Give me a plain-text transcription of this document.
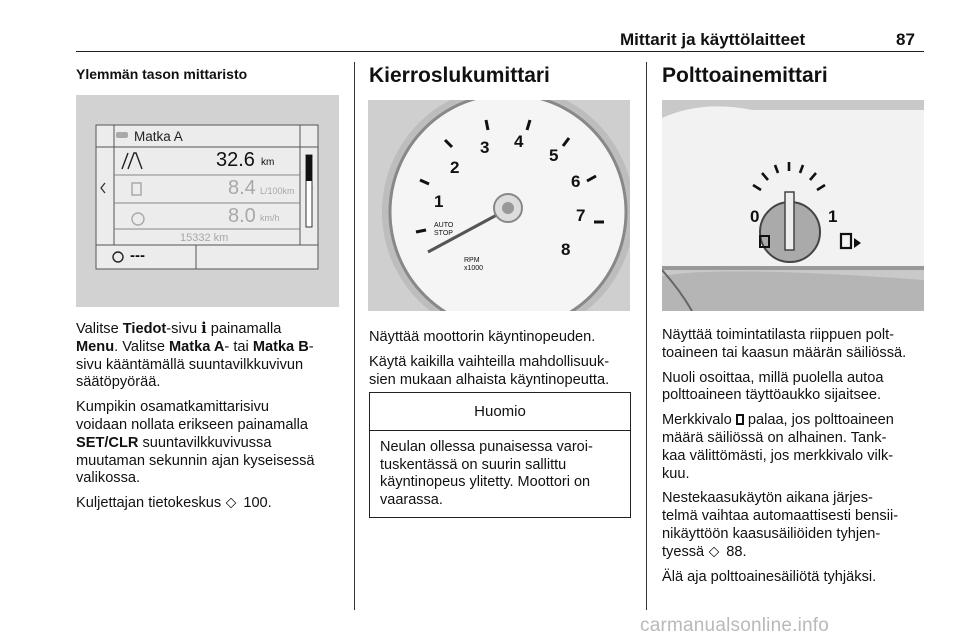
Mittarit ja käyttölaitteet	87
Ylemmän tason mittaristo
Matka A
32.6 km
8.4 L/100km
8.0 km/h
15332 km
---

Valitse Tiedot-sivu i painamalla
Menu. Valitse Matka A- tai Matka B-
sivu kääntämällä suuntavilkkuvivun
säätöpyörää.

Kumpikin osamatkamittarisivu
voidaan nollata erikseen painamalla
SET/CLR suuntavilkkuvivussa
muutaman sekunnin ajan kyseisessä
valikossa.

Kuljettajan tietokeskus  100.

Kierroslukumittari
1
2
3 4
5
6
7
8
AUTO STOP
RPM
x1000

Näyttää moottorin käyntinopeuden.

Käytä kaikilla vaihteilla mahdollisuuk-
sien mukaan alhaista käyntinopeutta.

Huomio
Neulan ollessa punaisessa varoi-
tuskentässä on suurin sallittu
käyntinopeus ylitetty. Moottori on
vaarassa.
Polttoainemittari
0	1

Näyttää toimintatilasta riippuen polt-
toaineen tai kaasun määrän säiliössä.

Nuoli osoittaa, millä puolella autoa
polttoaineen täyttöaukko sijaitsee.

Merkkivalo  palaa, jos polttoaineen
määrä säiliössä on alhainen. Tank-
kaa välittömästi, jos merkkivalo vilk-
kuu.

Nestekaasukäytön aikana järjes-
telmä vaihtaa automaattisesti bensii-
nikäyttöön kaasusäiliöiden tyhjen-
tyessä  88.

Älä aja polttoainesäiliötä tyhjäksi.

carmanualsonline.info
